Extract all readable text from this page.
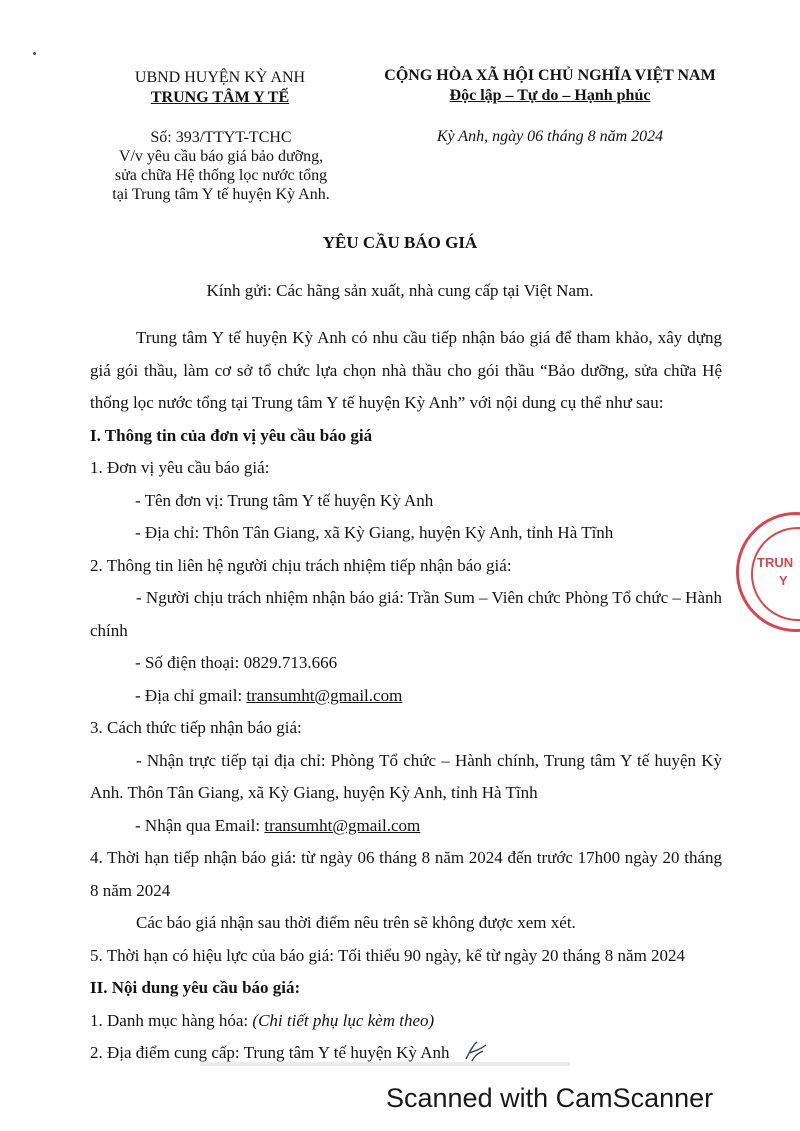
UBND HUYỆN KỲ ANH
TRUNG TÂM Y TẾ
CỘNG HÒA XÃ HỘI CHỦ NGHĨA VIỆT NAM
Độc lập – Tự do – Hạnh phúc
Số: 393/TTYT-TCHC
V/v yêu cầu báo giá bảo dưỡng,
sửa chữa Hệ thống lọc nước tổng
tại Trung tâm Y tế huyện Kỳ Anh.
Kỳ Anh, ngày 06 tháng 8 năm 2024
YÊU CẦU BÁO GIÁ
Kính gửi: Các hãng sản xuất, nhà cung cấp tại Việt Nam.

Trung tâm Y tế huyện Kỳ Anh có nhu cầu tiếp nhận báo giá để tham khảo, xây dựng giá gói thầu, làm cơ sở tổ chức lựa chọn nhà thầu cho gói thầu “Bảo dưỡng, sửa chữa Hệ thống lọc nước tổng tại Trung tâm Y tế huyện Kỳ Anh” với nội dung cụ thể như sau:

I. Thông tin của đơn vị yêu cầu báo giá

1. Đơn vị yêu cầu báo giá:

- Tên đơn vị: Trung tâm Y tế huyện Kỳ Anh

- Địa chỉ: Thôn Tân Giang, xã Kỳ Giang, huyện Kỳ Anh, tỉnh Hà Tĩnh

2. Thông tin liên hệ người chịu trách nhiệm tiếp nhận báo giá:

- Người chịu trách nhiệm nhận báo giá: Trần Sum – Viên chức Phòng Tổ chức – Hành chính

- Số điện thoại: 0829.713.666

- Địa chỉ gmail: transumht@gmail.com

3. Cách thức tiếp nhận báo giá:

- Nhận trực tiếp tại địa chỉ: Phòng Tổ chức – Hành chính, Trung tâm Y tế huyện Kỳ Anh. Thôn Tân Giang, xã Kỳ Giang, huyện Kỳ Anh, tỉnh Hà Tĩnh

- Nhận qua Email: transumht@gmail.com

4. Thời hạn tiếp nhận báo giá: từ ngày 06 tháng 8 năm 2024 đến trước 17h00 ngày 20 tháng 8 năm 2024

Các báo giá nhận sau thời điểm nêu trên sẽ không được xem xét.

5. Thời hạn có hiệu lực của báo giá: Tối thiểu 90 ngày, kể từ ngày 20 tháng 8 năm 2024

II. Nội dung yêu cầu báo giá:

1. Danh mục hàng hóa: (Chi tiết phụ lục kèm theo)

2. Địa điểm cung cấp: Trung tâm Y tế huyện Kỳ Anh

TRUN
Y
Scanned with CamScanner
